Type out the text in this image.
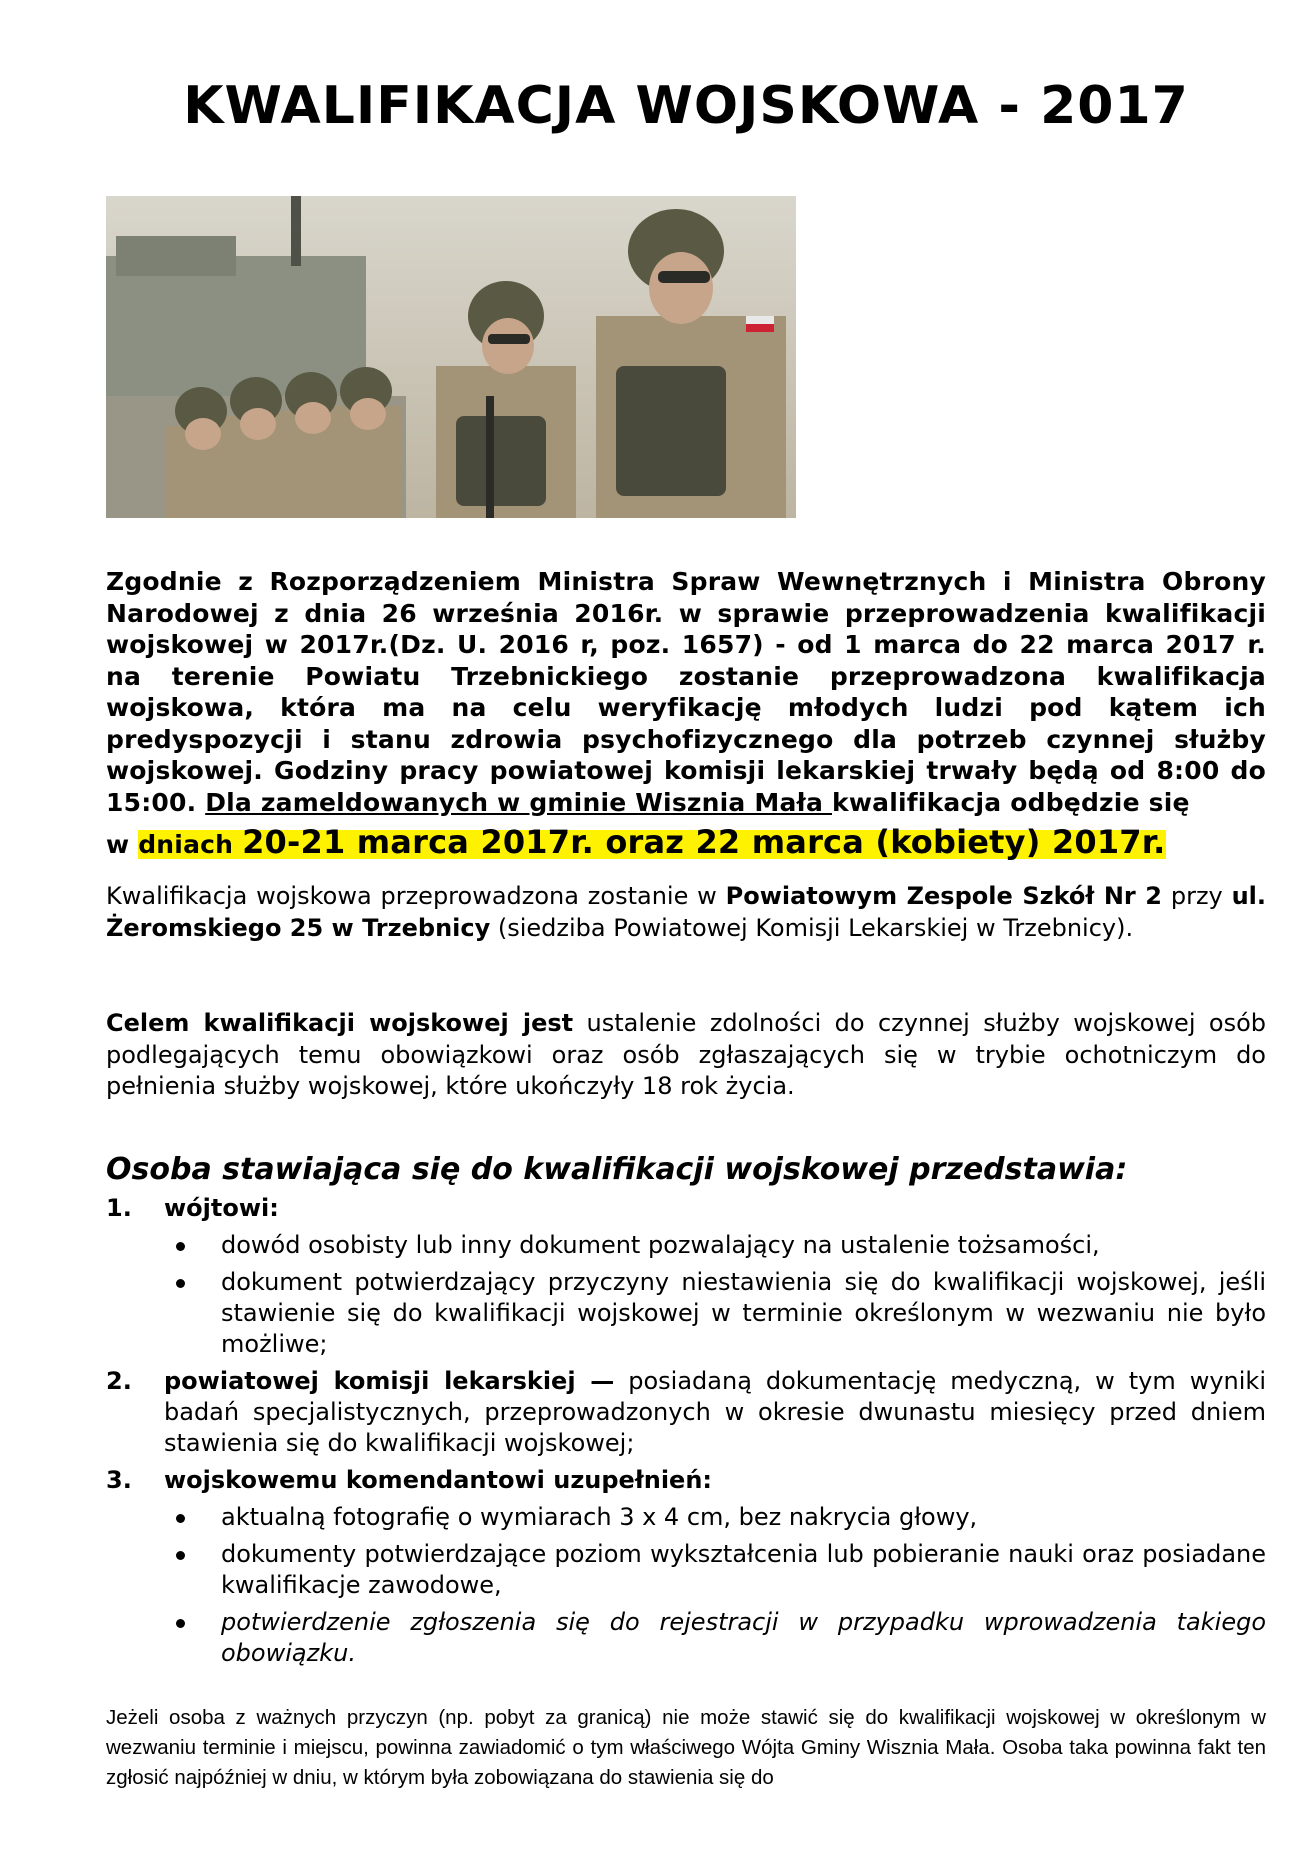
KWALIFIKACJA WOJSKOWA - 2017
Zgodnie z Rozporządzeniem Ministra Spraw Wewnętrznych i Ministra Obrony Narodowej z dnia 26 września 2016r. w sprawie przeprowadzenia kwalifikacji wojskowej w 2017r.(Dz. U. 2016 r, poz. 1657) - od 1 marca do 22 marca 2017 r. na terenie Powiatu Trzebnickiego zostanie przeprowadzona kwalifikacja wojskowa, która ma na celu weryfikację młodych ludzi pod kątem ich predyspozycji i stanu zdrowia psychofizycznego dla potrzeb czynnej służby wojskowej. Godziny pracy powiatowej komisji lekarskiej trwały będą od 8:00 do 15:00. Dla zameldowanych w gminie Wisznia Mała kwalifikacja odbędzie się
w dniach 20-21 marca 2017r. oraz 22 marca (kobiety) 2017r.
Kwalifikacja wojskowa przeprowadzona zostanie w Powiatowym Zespole Szkół Nr 2 przy ul. Żeromskiego 25 w Trzebnicy (siedziba Powiatowej Komisji Lekarskiej w Trzebnicy).
Celem kwalifikacji wojskowej jest ustalenie zdolności do czynnej służby wojskowej osób podlegających temu obowiązkowi oraz osób zgłaszających się w trybie ochotniczym do pełnienia służby wojskowej, które ukończyły 18 rok życia.
Osoba stawiająca się do kwalifikacji wojskowej przedstawia:
1. wójtowi:
dowód osobisty lub inny dokument pozwalający na ustalenie tożsamości,
dokument potwierdzający przyczyny niestawienia się do kwalifikacji wojskowej, jeśli stawienie się do kwalifikacji wojskowej w terminie określonym w wezwaniu nie było możliwe;
2. powiatowej komisji lekarskiej — posiadaną dokumentację medyczną, w tym wyniki badań specjalistycznych, przeprowadzonych w okresie dwunastu miesięcy przed dniem stawienia się do kwalifikacji wojskowej;
3. wojskowemu komendantowi uzupełnień:
aktualną fotografię o wymiarach 3 x 4 cm, bez nakrycia głowy,
dokumenty potwierdzające poziom wykształcenia lub pobieranie nauki oraz posiadane kwalifikacje zawodowe,
potwierdzenie zgłoszenia się do rejestracji w przypadku wprowadzenia takiego obowiązku.
Jeżeli osoba z ważnych przyczyn (np. pobyt za granicą) nie może stawić się do kwalifikacji wojskowej w określonym w wezwaniu terminie i miejscu, powinna zawiadomić o tym właściwego Wójta Gminy Wisznia Mała. Osoba taka powinna fakt ten zgłosić najpóźniej w dniu, w którym była zobowiązana do stawienia się do
